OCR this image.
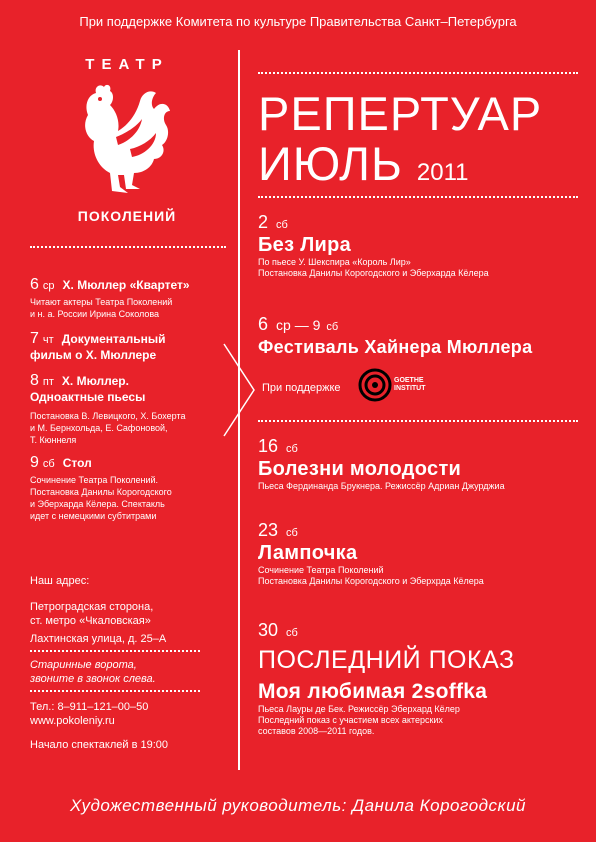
При поддержке Комитета по культуре Правительства Санкт–Петербурга
ТЕАТР
ПОКОЛЕНИЙ
6 ср Х. Мюллер «Квартет»
Читают актеры Театра Поколений
и н. а. России Ирина Соколова
7 чт Документальный
фильм о Х. Мюллере
8 пт Х. Мюллер.
Одноактные пьесы
Постановка В. Левицкого, Х. Бохерта
и М. Бернхольда, Е. Сафоновой,
Т. Кюннеля
9 сб Стол
Сочинение Театра Поколений.
Постановка Данилы Корогодского
и Эберхарда Кёлера. Спектакль
идет с немецкими субтитрами
Наш адрес:
Петроградская сторона,
ст. метро «Чкаловская»
Лахтинская улица, д. 25–А
Старинные ворота,
звоните в звонок слева.
Тел.: 8–911–121–00–50
www.pokoleniy.ru
Начало спектаклей в 19:00
РЕПЕРТУАР
ИЮЛЬ 2011
2 сб
Без Лира
По пьесе У. Шекспира «Король Лир»
Постановка Данилы Корогодского и Эберхарда Кёлера
6 ср — 9 сб
Фестиваль Хайнера Мюллера
При поддержке
GOETHE
INSTITUT
16 сб
Болезни молодости
Пьеса Фердинанда Брукнера. Режиссёр Адриан Джурджиа
23 сб
Лампочка
Сочинение Театра Поколений
Постановка Данилы Корогодского и Эберхрда Кёлера
30 сб
ПОСЛЕДНИЙ ПОКАЗ
Моя любимая 2soffka
Пьеса Лауры де Бек. Режиссёр Эберхард Кёлер
Последний показ с участием всех актерских
составов 2008—2011 годов.
Художественный руководитель: Данила Корогодский
